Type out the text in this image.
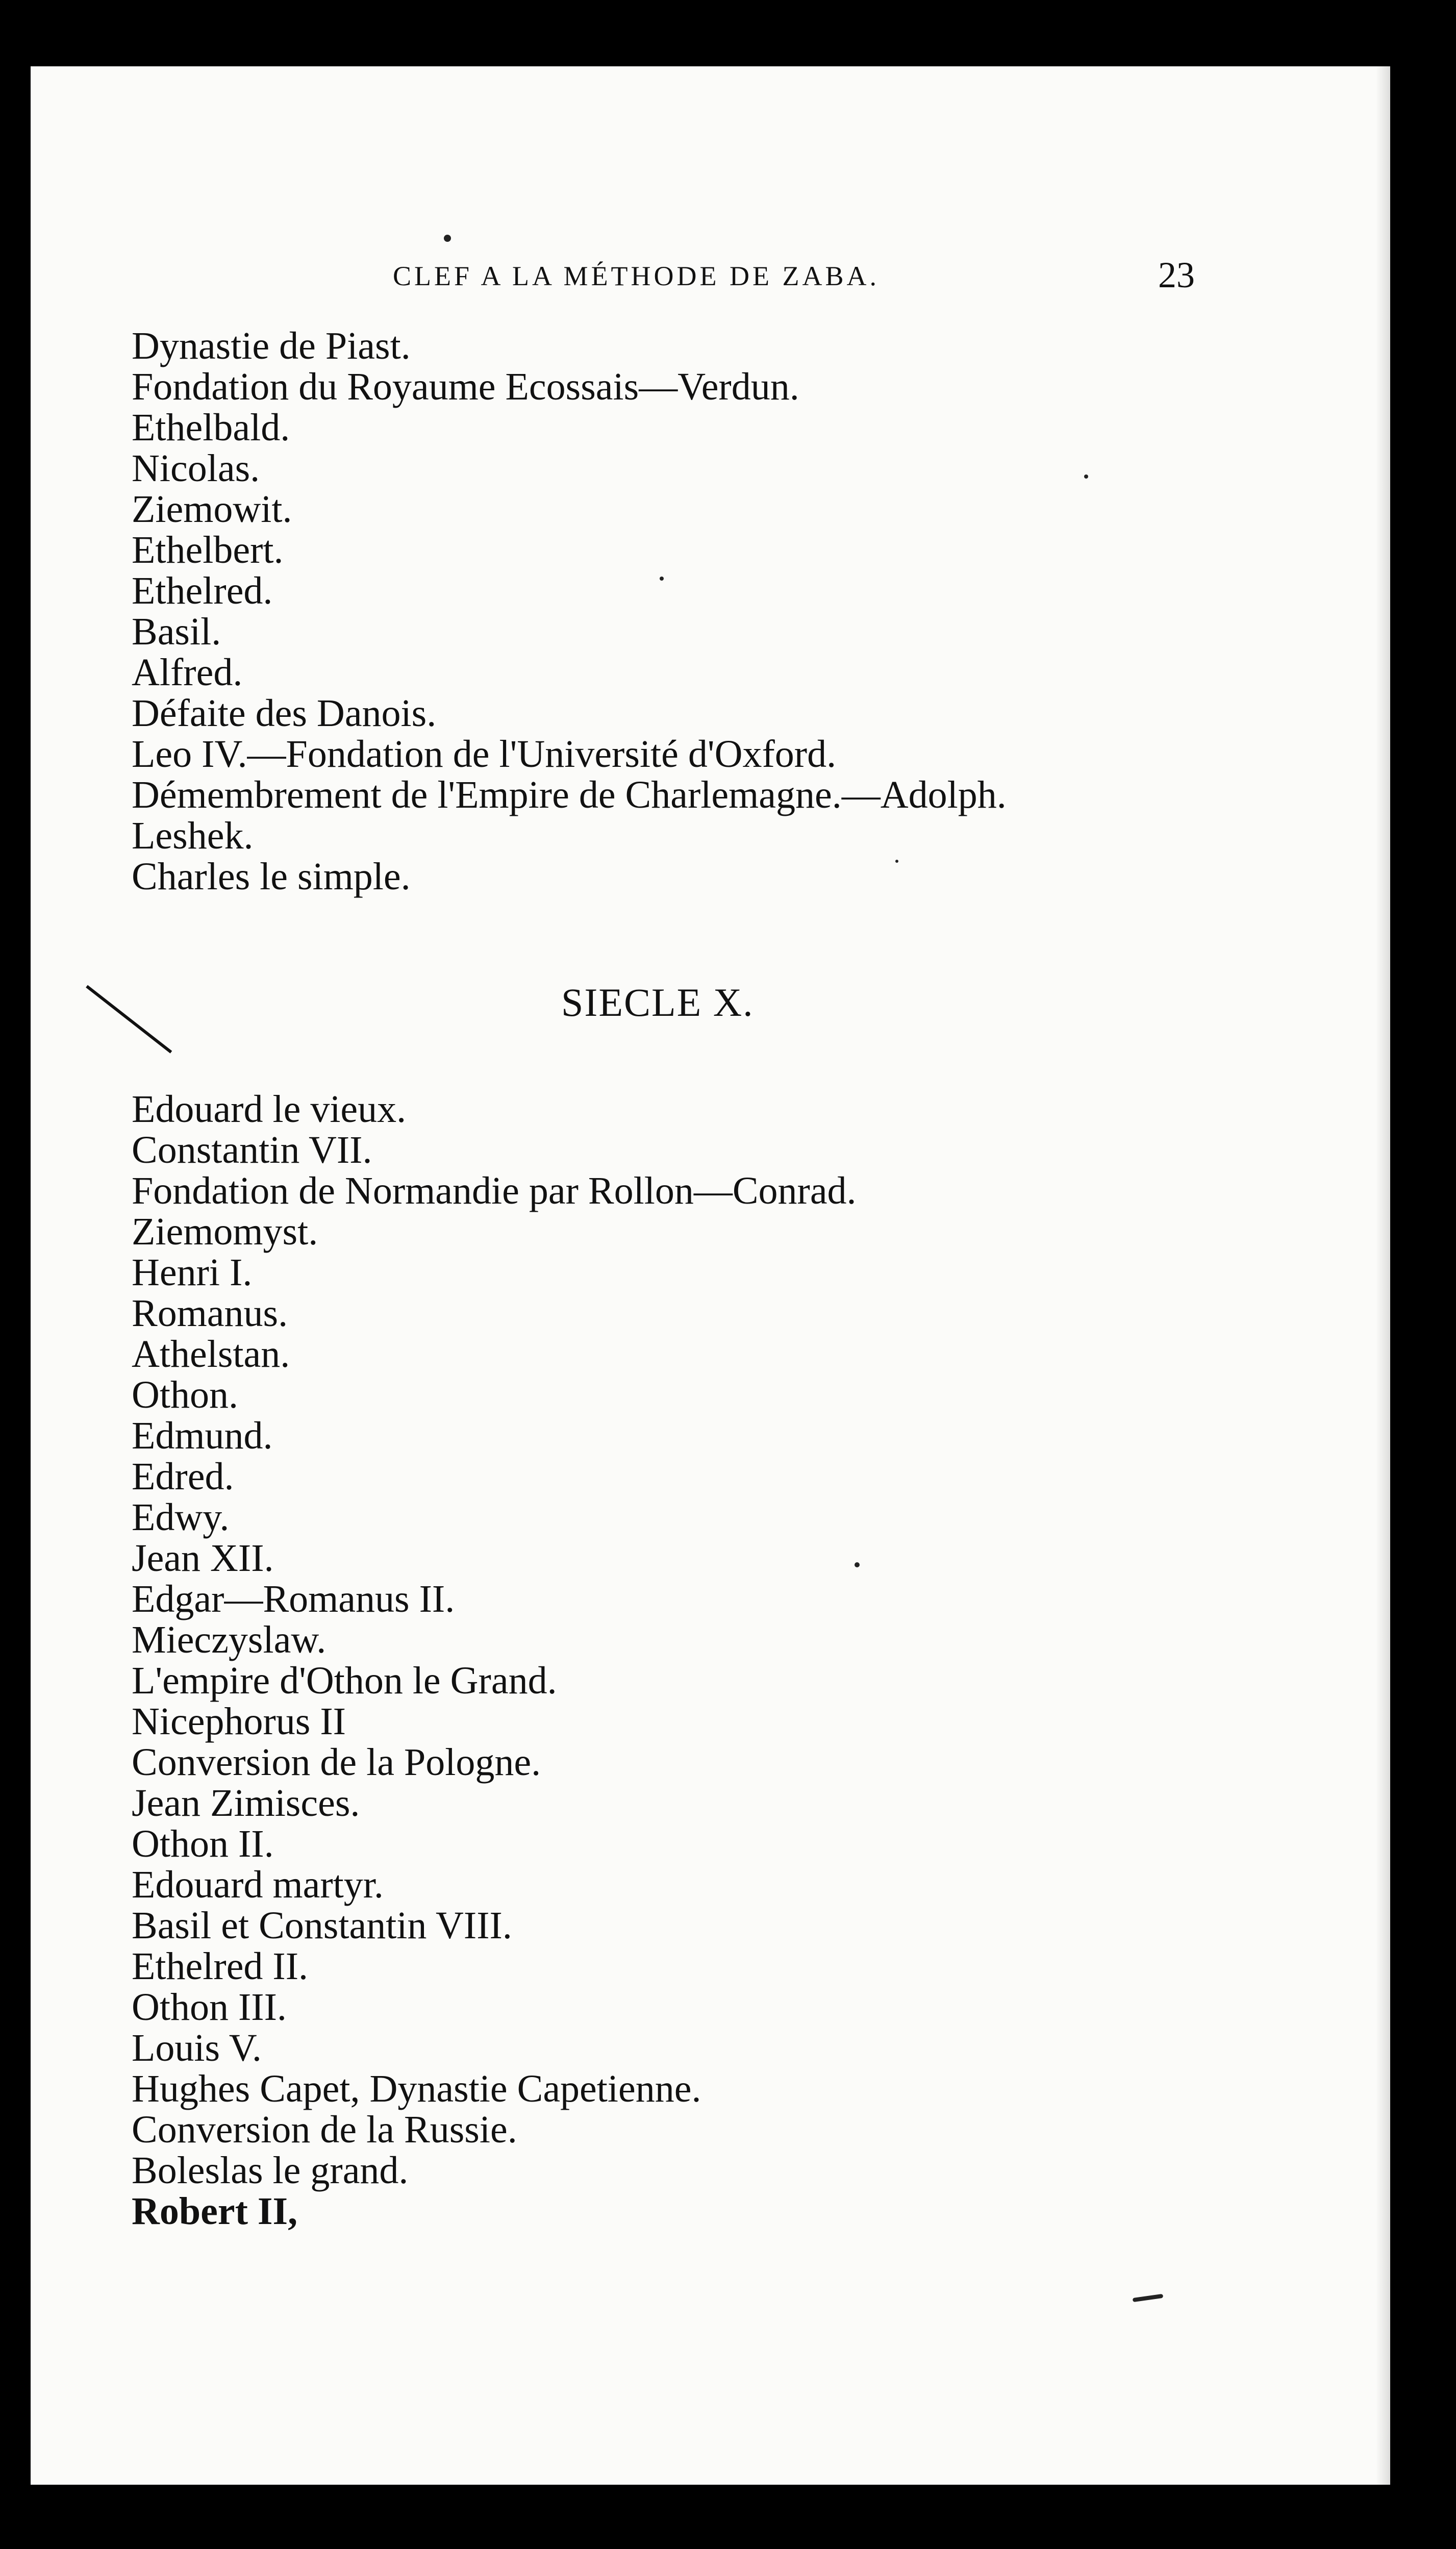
CLEF A LA MÉTHODE DE ZABA.	23
Dynastie de Piast.
Fondation du Royaume Ecossais—Verdun.
Ethelbald.
Nicolas.
Ziemowit.
Ethelbert.
Ethelred.
Basil.
Alfred.
Défaite des Danois.
Leo IV.—Fondation de l'Université d'Oxford.
Démembrement de l'Empire de Charlemagne.—Adolph.
Leshek.
Charles le simple.
SIECLE X.
Edouard le vieux.
Constantin VII.
Fondation de Normandie par Rollon—Conrad.
Ziemomyst.
Henri I.
Romanus.
Athelstan.
Othon.
Edmund.
Edred.
Edwy.
Jean XII.
Edgar—Romanus II.
Mieczyslaw.
L'empire d'Othon le Grand.
Nicephorus II
Conversion de la Pologne.
Jean Zimisces.
Othon II.
Edouard martyr.
Basil et Constantin VIII.
Ethelred II.
Othon III.
Louis V.
Hughes Capet, Dynastie Capetienne.
Conversion de la Russie.
Boleslas le grand.
Robert II,
